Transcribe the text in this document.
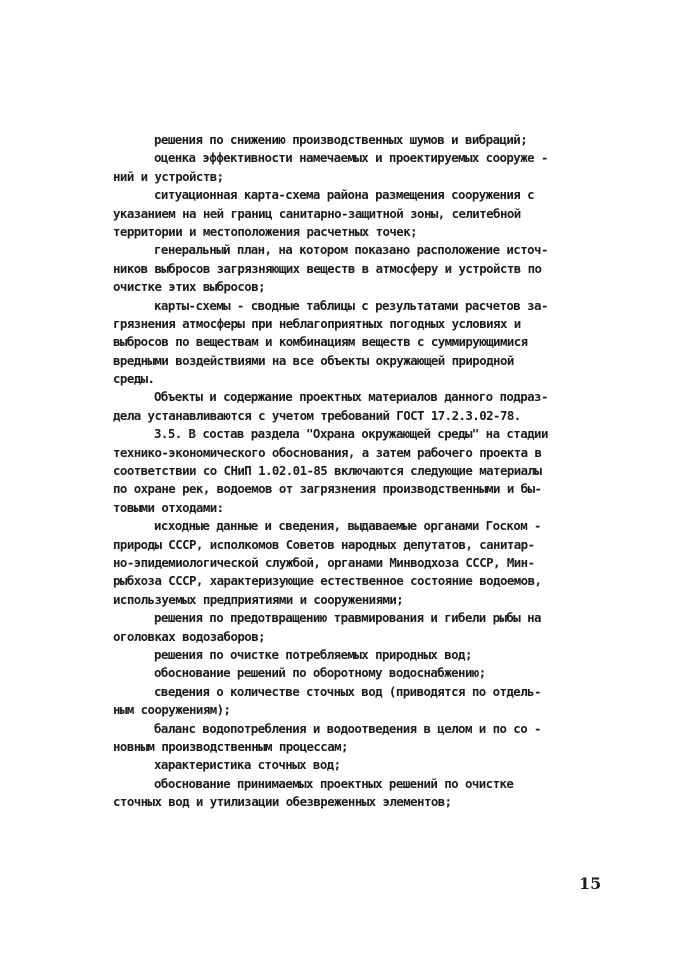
решения по снижению производственных шумов и вибраций;
оценка эффективности намечаемых и проектируемых сооруже -
ний и устройств;
ситуационная карта-схема района размещения сооружения с
указанием на ней границ санитарно-защитной зоны, селитебной
территории и местоположения расчетных точек;
генеральный план, на котором показано расположение источ-
ников выбросов загрязняющих веществ в атмосферу и устройств по
очистке этих выбросов;
карты-схемы - сводные таблицы с результатами расчетов за-
грязнения атмосферы при неблагоприятных погодных условиях и
выбросов по веществам и комбинациям веществ с суммирующимися
вредными воздействиями на все объекты окружающей природной
среды.
Объекты и содержание проектных материалов данного подраз-
дела устанавливаются с учетом требований ГОСТ 17.2.3.02-78.
3.5. В состав раздела "Охрана окружающей среды" на стадии
технико-экономического обоснования, а затем рабочего проекта в
соответствии со СНиП 1.02.01-85 включаются следующие материалы
по охране рек, водоемов от загрязнения производственными и бы-
товыми отходами:
исходные данные и сведения, выдаваемые органами Госком -
природы СССР, исполкомов Советов народных депутатов, санитар-
но-эпидемиологической службой, органами Минводхоза СССР, Мин-
рыбхоза СССР, характеризующие естественное состояние водоемов,
используемых предприятиями и сооружениями;
решения по предотвращению травмирования и гибели рыбы на
оголовках водозаборов;
решения по очистке потребляемых природных вод;
обоснование решений по оборотному водоснабжению;
сведения о количестве сточных вод (приводятся по отдель-
ным сооружениям);
баланс водопотребления и водоотведения в целом и по со -
новным производственным процессам;
характеристика сточных вод;
обоснование принимаемых проектных решений по очистке
сточных вод и утилизации обезвреженных элементов;
15
